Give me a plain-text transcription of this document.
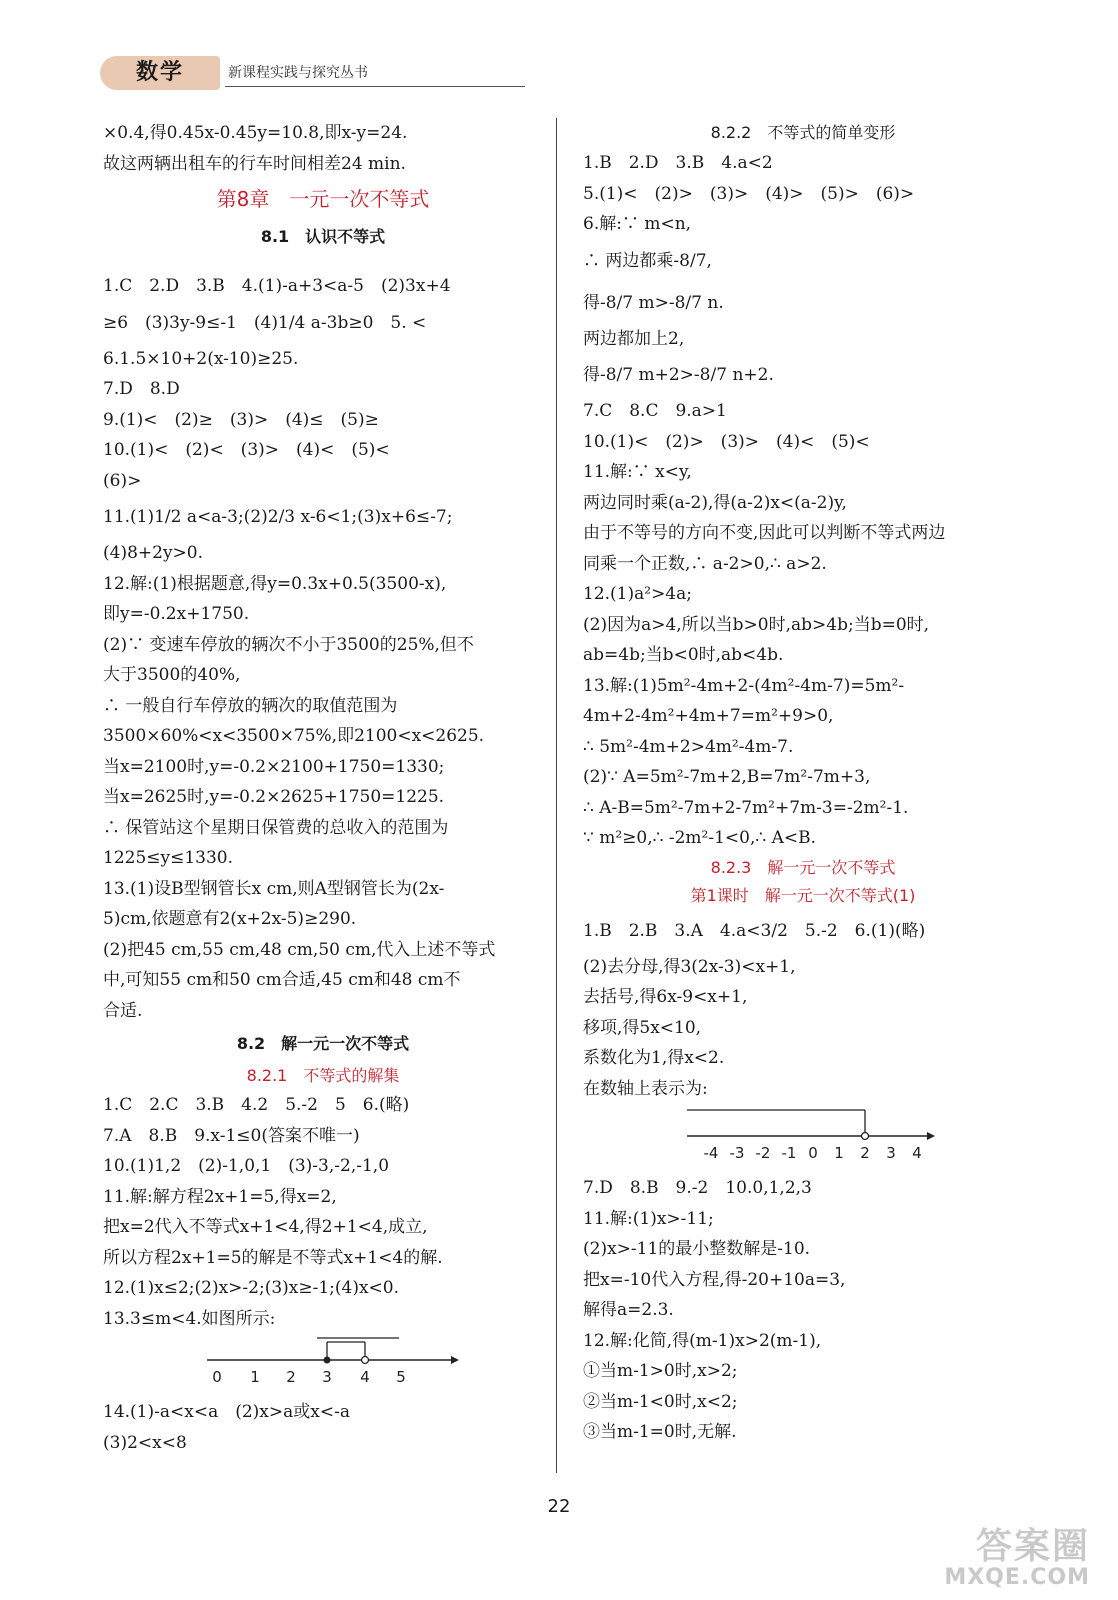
数学	新课程实践与探究丛书
×0.4,得0.45x-0.45y=10.8,即x-y=24.
故这两辆出租车的行车时间相差24 min.
第8章　一元一次不等式
8.1　认识不等式
1.C　2.D　3.B　4.(1)-a+3<a-5　(2)3x+4
≥6　(3)3y-9≤-1　(4)1/4 a-3b≥0　5. <
6.1.5×10+2(x-10)≥25.
7.D　8.D
9.(1)<　(2)≥　(3)>　(4)≤　(5)≥
10.(1)<　(2)<　(3)>　(4)<　(5)<
(6)>
11.(1)1/2 a<a-3;(2)2/3 x-6<1;(3)x+6≤-7;
(4)8+2y>0.
12.解:(1)根据题意,得y=0.3x+0.5(3500-x),
即y=-0.2x+1750.
(2)∵ 变速车停放的辆次不小于3500的25%,但不
大于3500的40%,
∴ 一般自行车停放的辆次的取值范围为
3500×60%<x<3500×75%,即2100<x<2625.
当x=2100时,y=-0.2×2100+1750=1330;
当x=2625时,y=-0.2×2625+1750=1225.
∴ 保管站这个星期日保管费的总收入的范围为
1225≤y≤1330.
13.(1)设B型钢管长x cm,则A型钢管长为(2x-
5)cm,依题意有2(x+2x-5)≥290.
(2)把45 cm,55 cm,48 cm,50 cm,代入上述不等式
中,可知55 cm和50 cm合适,45 cm和48 cm不
合适.
8.2　解一元一次不等式
8.2.1　不等式的解集
1.C　2.C　3.B　4.2　5.-2　5　6.(略)
7.A　8.B　9.x-1≤0(答案不唯一)
10.(1)1,2　(2)-1,0,1　(3)-3,-2,-1,0
11.解:解方程2x+1=5,得x=2,
把x=2代入不等式x+1<4,得2+1<4,成立,
所以方程2x+1=5的解是不等式x+1<4的解.
12.(1)x≤2;(2)x>-2;(3)x≥-1;(4)x<0.
13.3≤m<4.如图所示:
0 1 2 3 4 5
14.(1)-a<x<a　(2)x>a或x<-a
(3)2<x<8
8.2.2　不等式的简单变形
1.B　2.D　3.B　4.a<2
5.(1)<　(2)>　(3)>　(4)>　(5)>　(6)>
6.解:∵ m<n,
∴ 两边都乘-8/7,
得-8/7 m>-8/7 n.
两边都加上2,
得-8/7 m+2>-8/7 n+2.
7.C　8.C　9.a>1
10.(1)<　(2)>　(3)>　(4)<　(5)<
11.解:∵ x<y,
两边同时乘(a-2),得(a-2)x<(a-2)y,
由于不等号的方向不变,因此可以判断不等式两边
同乘一个正数,∴ a-2>0,∴ a>2.
12.(1)a²>4a;
(2)因为a>4,所以当b>0时,ab>4b;当b=0时,
ab=4b;当b<0时,ab<4b.
13.解:(1)5m²-4m+2-(4m²-4m-7)=5m²-
4m+2-4m²+4m+7=m²+9>0,
∴ 5m²-4m+2>4m²-4m-7.
(2)∵ A=5m²-7m+2,B=7m²-7m+3,
∴ A-B=5m²-7m+2-7m²+7m-3=-2m²-1.
∵ m²≥0,∴ -2m²-1<0,∴ A<B.
8.2.3　解一元一次不等式
第1课时　解一元一次不等式(1)
1.B　2.B　3.A　4.a<3/2　5.-2　6.(1)(略)
(2)去分母,得3(2x-3)<x+1,
去括号,得6x-9<x+1,
移项,得5x<10,
系数化为1,得x<2.
在数轴上表示为:
-4 -3 -2 -1 0 1 2 3 4
7.D　8.B　9.-2　10.0,1,2,3
11.解:(1)x>-11;
(2)x>-11的最小整数解是-10.
把x=-10代入方程,得-20+10a=3,
解得a=2.3.
12.解:化简,得(m-1)x>2(m-1),
①当m-1>0时,x>2;
②当m-1<0时,x<2;
③当m-1=0时,无解.
22
答案圈
MXQE.COM
